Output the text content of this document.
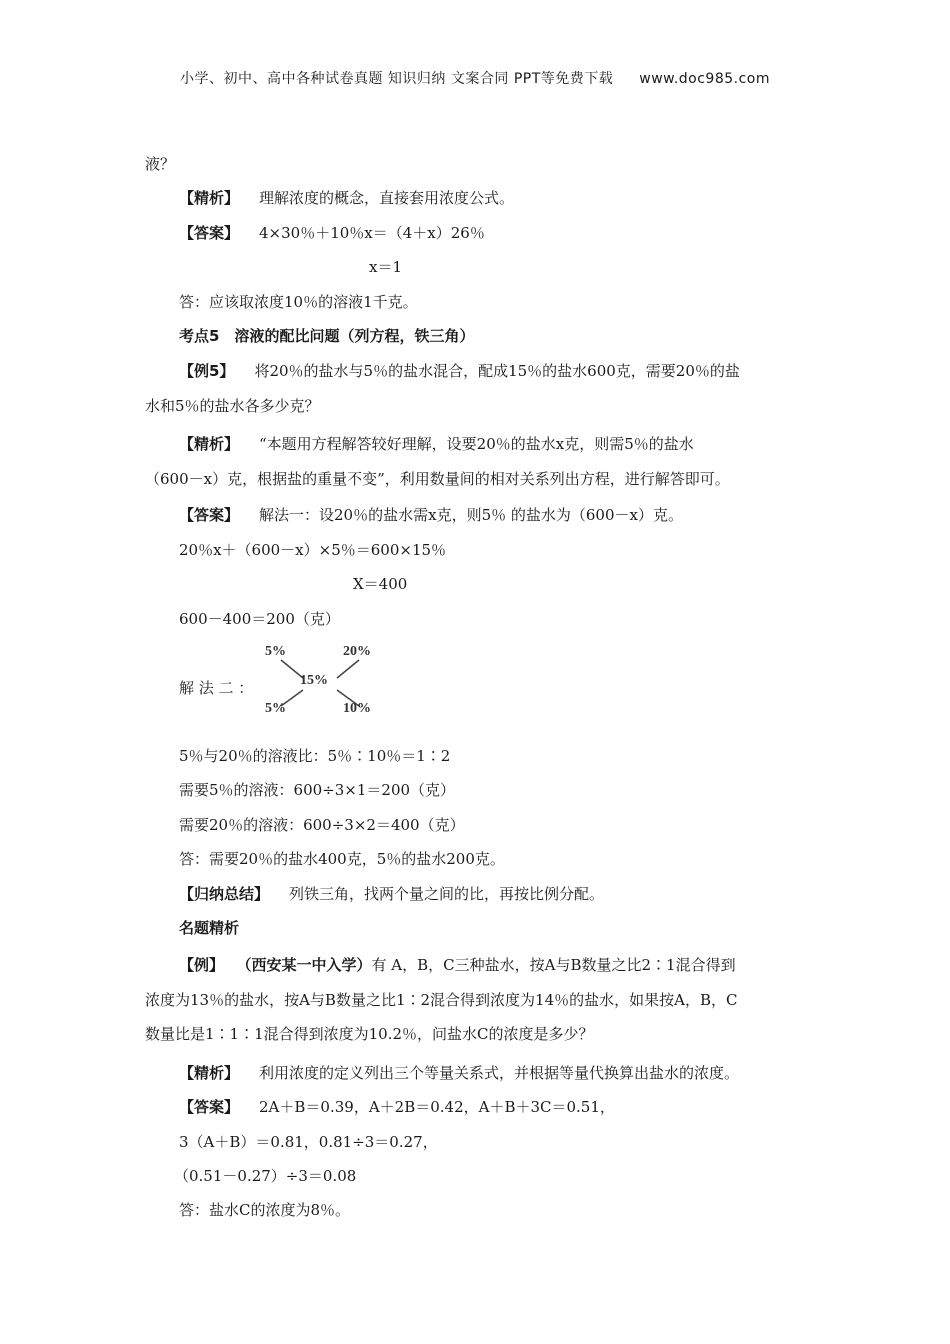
小学、初中、高中各种试卷真题 知识归纳 文案合同 PPT等免费下载 www.doc985.com
液？
【精析】 理解浓度的概念，直接套用浓度公式。
【答案】 4×30％＋10％x＝（4＋x）26％
x＝1
答：应该取浓度10％的溶液1千克。
考点5　溶液的配比问题（列方程，铁三角）
【例5】 将20％的盐水与5％的盐水混合，配成15％的盐水600克，需要20％的盐
水和5％的盐水各多少克？
【精析】 “本题用方程解答较好理解，设要20％的盐水x克，则需5％的盐水
（600－x）克，根据盐的重量不变”，利用数量间的相对关系列出方程，进行解答即可。
【答案】 解法一：设20％的盐水需x克，则5％ 的盐水为（600－x）克。
20％x＋（600－x）×5％＝600×15％
X＝400
600－400＝200（克）
解 法 二 ：
5%	20%
15%
5%	10%
5％与20％的溶液比：5％∶10％＝1∶2
需要5％的溶液：600÷3×1＝200（克）
需要20％的溶液：600÷3×2＝400（克）
答：需要20％的盐水400克，5％的盐水200克。
【归纳总结】 列铁三角，找两个量之间的比，再按比例分配。
名题精析
【例】 （西安某一中入学）有 A，B，C三种盐水，按A与B数量之比2∶1混合得到
浓度为13％的盐水，按A与B数量之比1∶2混合得到浓度为14％的盐水，如果按A，B，C
数量比是1∶1∶1混合得到浓度为10.2％，问盐水C的浓度是多少？
【精析】 利用浓度的定义列出三个等量关系式，并根据等量代换算出盐水的浓度。
【答案】 2A＋B＝0.39，A＋2B＝0.42，A＋B＋3C＝0.51，
3（A＋B）＝0.81，0.81÷3＝0.27，
（0.51－0.27）÷3＝0.08
答：盐水C的浓度为8％。
